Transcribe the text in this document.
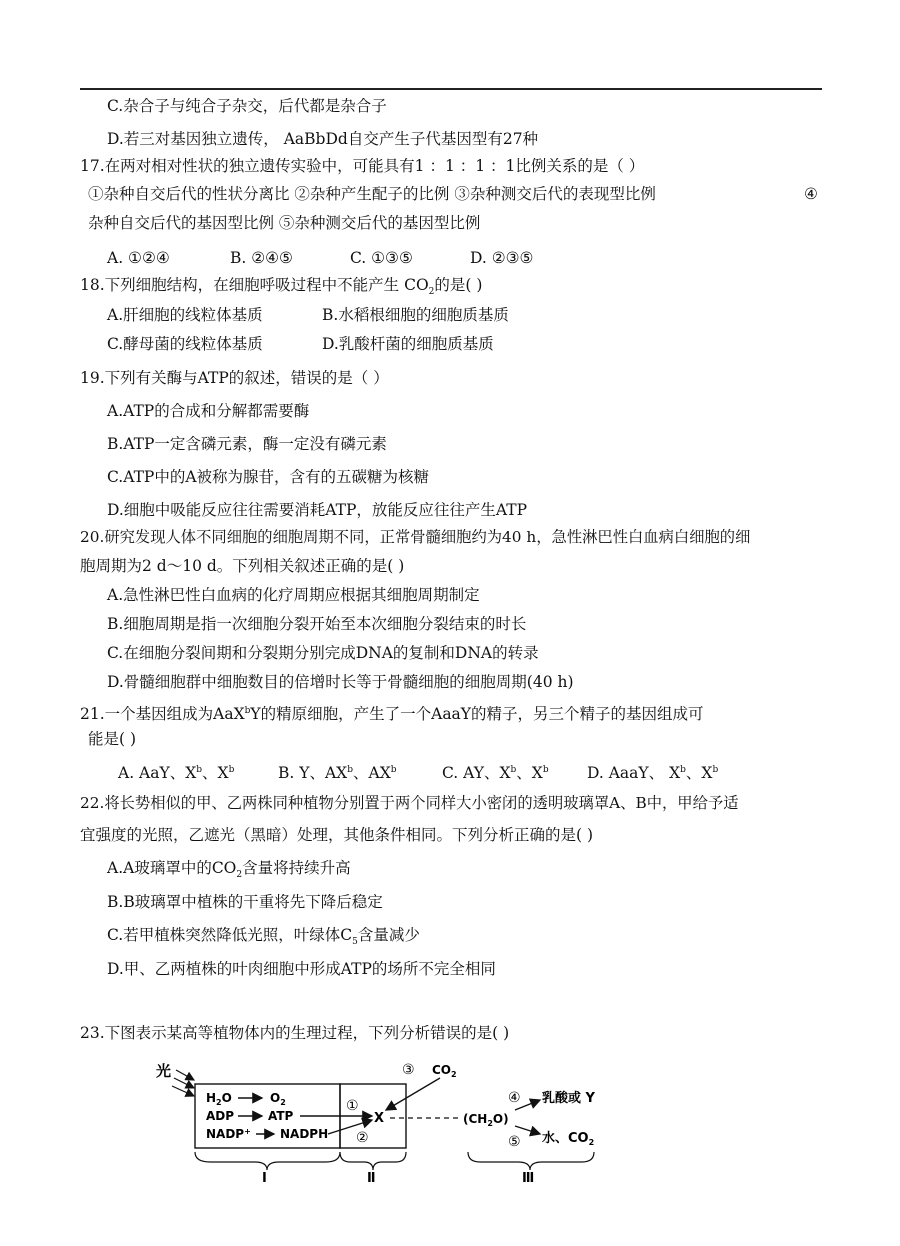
C.杂合子与纯合子杂交，后代都是杂合子
D.若三对基因独立遗传， AaBbDd自交产生子代基因型有27种
17.在两对相对性状的独立遗传实验中，可能具有1 ：1 ：1 ：1比例关系的是（ ）
①杂种自交后代的性状分离比 ②杂种产生配子的比例 ③杂种测交后代的表现型比例	④
杂种自交后代的基因型比例 ⑤杂种测交后代的基因型比例
A. ①②④	B. ②④⑤	C. ①③⑤	D. ②③⑤
18.下列细胞结构，在细胞呼吸过程中不能产生 $CO_2$的是( )
A.肝细胞的线粒体基质	B.水稻根细胞的细胞质基质
C.酵母菌的线粒体基质	D.乳酸杆菌的细胞质基质
19.下列有关酶与ATP的叙述，错误的是（ ）
A.ATP的合成和分解都需要酶
B.ATP一定含磷元素，酶一定没有磷元素
C.ATP中的A被称为腺苷，含有的五碳糖为核糖
D.细胞中吸能反应往往需要消耗ATP，放能反应往往产生ATP
20.研究发现人体不同细胞的细胞周期不同，正常骨髓细胞约为40 h，急性淋巴性白血病白细胞的细
胞周期为2 d～10 d。下列相关叙述正确的是( )
A.急性淋巴性白血病的化疗周期应根据其细胞周期制定
B.细胞周期是指一次细胞分裂开始至本次细胞分裂结束的时长
C.在细胞分裂间期和分裂期分别完成DNA的复制和DNA的转录
D.骨髓细胞群中细胞数目的倍增时长等于骨髓细胞的细胞周期(40 h)
21.一个基因组成为AaX$^b$Y的精原细胞，产生了一个AaaY的精子，另三个精子的基因组成可
能是( )
A. AaY、$X^b$、$X^b$	B. Y、$AX^b$、$AX^b$	C. AY、$X^b$、$X^b$ D. AaaY、 $X^b$、$X^b$
22.将长势相似的甲、乙两株同种植物分别置于两个同样大小密闭的透明玻璃罩A、B中，甲给予适
宜强度的光照，乙遮光（黑暗）处理，其他条件相同。下列分析正确的是( )
A.A玻璃罩中的$CO_2$含量将持续升高
B.B玻璃罩中植株的干重将先下降后稳定
C.若甲植株突然降低光照，叶绿体$C_5$含量减少
D.甲、乙两植株的叶肉细胞中形成ATP的场所不完全相同
23.下图表示某高等植物体内的生理过程，下列分析错误的是( )
光
$H_2O$	$O_2$
ADP	ATP
NADP+ NADPH
①
X
②
③ $CO_2$
$(CH_2O)$
④ 乳酸或 Y
⑤ 水、$CO_2$
Ⅰ	Ⅱ	Ⅲ
